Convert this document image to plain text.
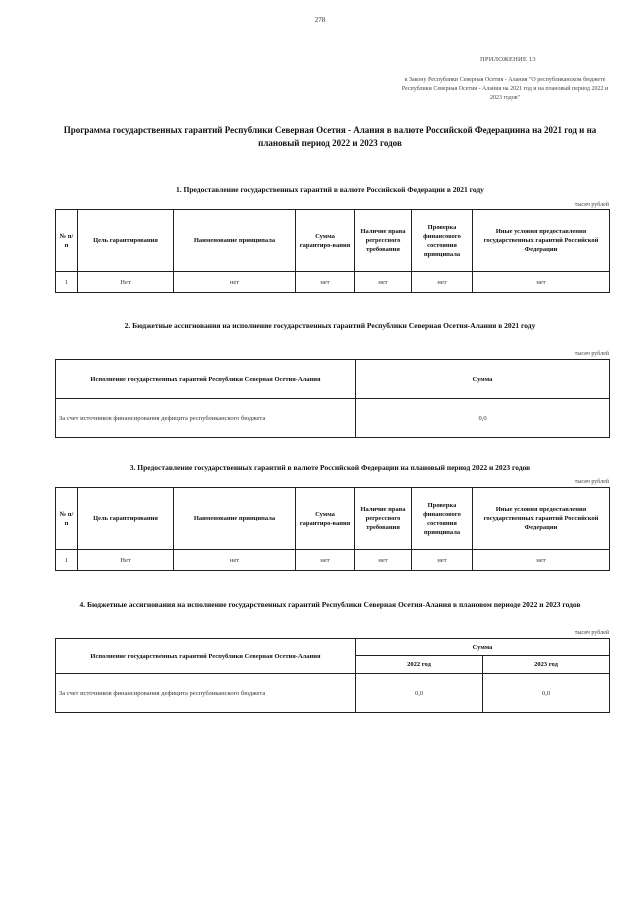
278
ПРИЛОЖЕНИЕ 13
к Закону Республики Северная Осетия - Алания "О республиканском бюджете Республики Северная Осетия - Алания на 2021 год и на плановый период 2022 и 2023 годов"
Программа государственных гарантий Республики Северная Осетия - Алания в валюте Российской Федерациина на 2021 год и на плановый период 2022 и 2023 годов
1. Предоставление государственных гарантий в валюте Российской Федерации в 2021 году
тысяч рублей
№ п/п	Цель гарантирования	Наименование принципала	Сумма гарантиро-вания	Наличие права регрессного требования	Проверка финансового состояния принципала	Иные условия предоставления государственных гарантий Российской Федерации
1	Нет	нет	нет	нет	нет	нет
2. Бюджетные ассигнования на исполнение государственных гарантий Республики Северная Осетия-Алания в 2021 году
тысяч рублей
Исполнение государственных гарантий Республики Северная Осетия-Алания	Сумма
За счет источников финансирования дефицита республиканского бюджета	0,0
3. Предоставление государственных гарантий в валюте Российской Федерации на плановый период 2022 и 2023 годов
тысяч рублей
№ п/п	Цель гарантирования	Наименование принципала	Сумма гарантиро-вания	Наличие права регрессного требования	Проверка финансового состояния принципала	Иные условия предоставления государственных гарантий Российской Федерации
1	Нет	нет	нет	нет	нет	нет
4. Бюджетные ассигнования на исполнение государственных гарантий Республики Северная Осетия-Алания в плановом периоде 2022 и 2023 годов
тысяч рублей
Исполнение государственных гарантий Республики Северная Осетия-Алания	Сумма	
	2022 год	2023 год
За счет источников финансирования дефицита республиканского бюджета	0,0	0,0
